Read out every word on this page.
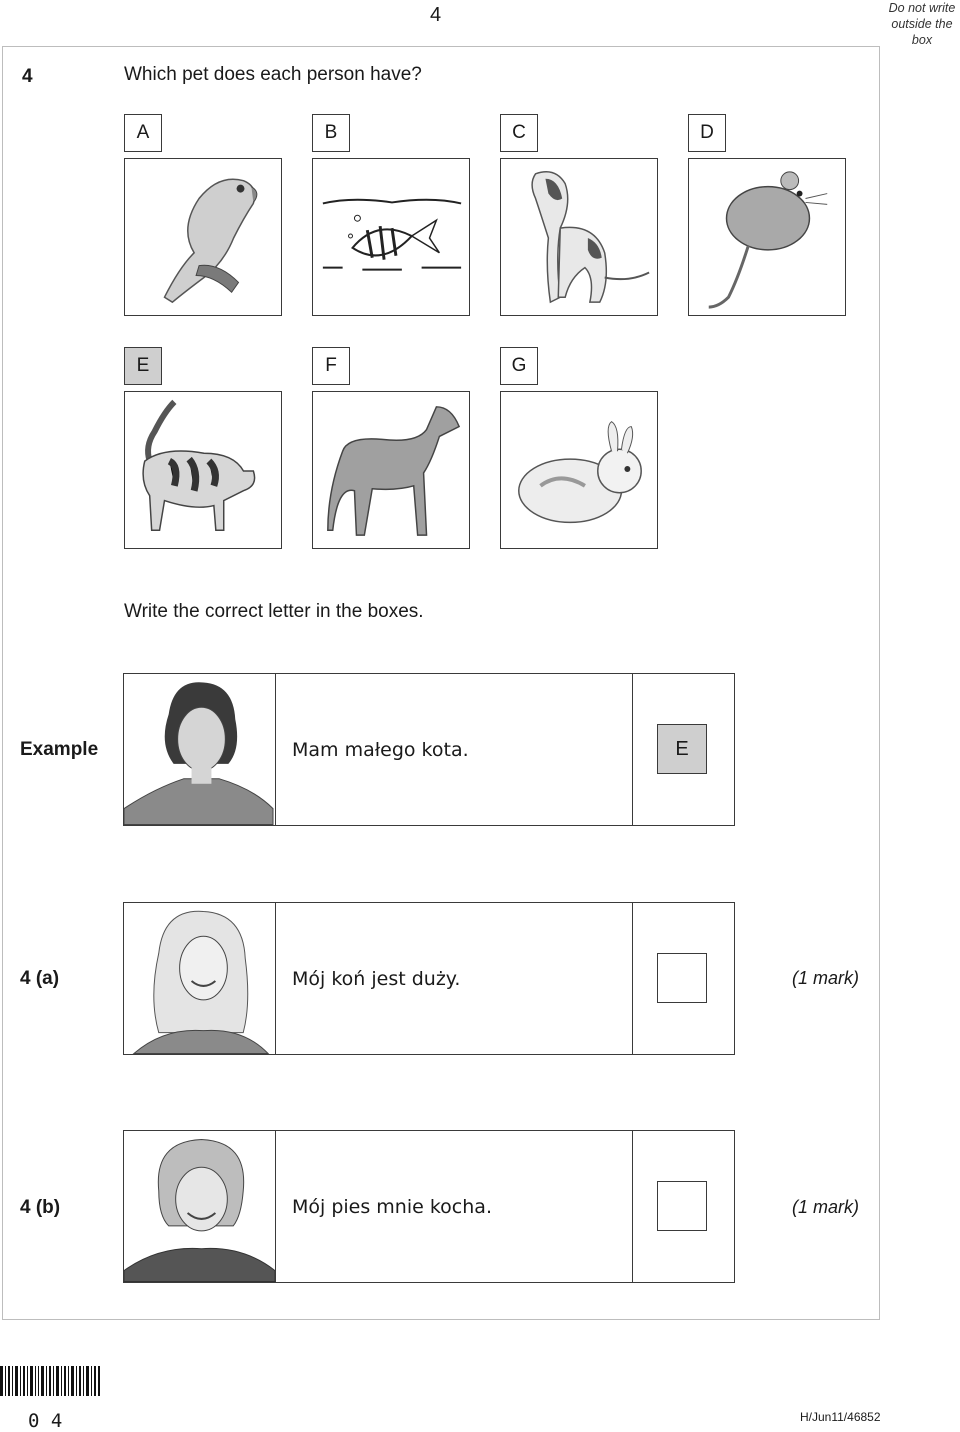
4	Do not write
outside the
box
4	Which pet does each person have?
A	B	C	D
E	F	G
Write the correct letter in the boxes.
Example	Mam małego kota.	E
4 (a)	Mój koń jest duży.	(1 mark)
4 (b)	Mój pies mnie kocha.	(1 mark)
0 4	H/Jun11/46852
